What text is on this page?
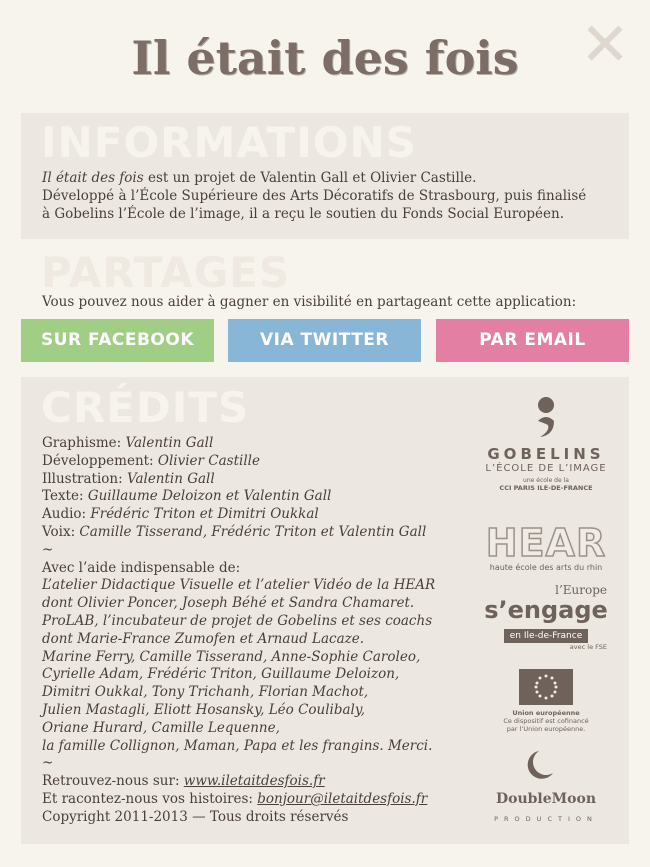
Il était des fois	✕
INFORMATIONS
Il était des fois est un projet de Valentin Gall et Olivier Castille.
Développé à l’École Supérieure des Arts Décoratifs de Strasbourg, puis finalisé
à Gobelins l’École de l’image, il a reçu le soutien du Fonds Social Européen.
PARTAGES
Vous pouvez nous aider à gagner en visibilité en partageant cette application:
SUR FACEBOOK	VIA TWITTER	PAR EMAIL
CRÉDITS
Graphisme: Valentin Gall
Développement: Olivier Castille
Illustration: Valentin Gall
Texte: Guillaume Deloizon et Valentin Gall
Audio: Frédéric Triton et Dimitri Oukkal
Voix: Camille Tisserand, Frédéric Triton et Valentin Gall
~
Avec l’aide indispensable de:
L’atelier Didactique Visuelle et l’atelier Vidéo de la HEAR
dont Olivier Poncer, Joseph Béhé et Sandra Chamaret.
ProLAB, l’incubateur de projet de Gobelins et ses coachs
dont Marie-France Zumofen et Arnaud Lacaze.
Marine Ferry, Camille Tisserand, Anne-Sophie Caroleo,
Cyrielle Adam, Frédéric Triton, Guillaume Deloizon,
Dimitri Oukkal, Tony Trichanh, Florian Machot,
Julien Mastagli, Eliott Hosansky, Léo Coulibaly,
Oriane Hurard, Camille Lequenne,
la famille Collignon, Maman, Papa et les frangins. Merci.
~
Retrouvez-nous sur: www.iletaitdesfois.fr
Et racontez-nous vos histoires: bonjour@iletaitdesfois.fr
Copyright 2011-2013 — Tous droits réservés
GOBELINS
L’ÉCOLE DE L’IMAGE
une école de la
CCI PARIS ILE-DE-FRANCE
HEAR
haute école des arts du rhin
l’Europe
s’engage
en Ile-de-France
avec le FSE
Union européenne
Ce dispositif est cofinancé
par l’Union européenne.
DoubleMoon
PRODUCTION
